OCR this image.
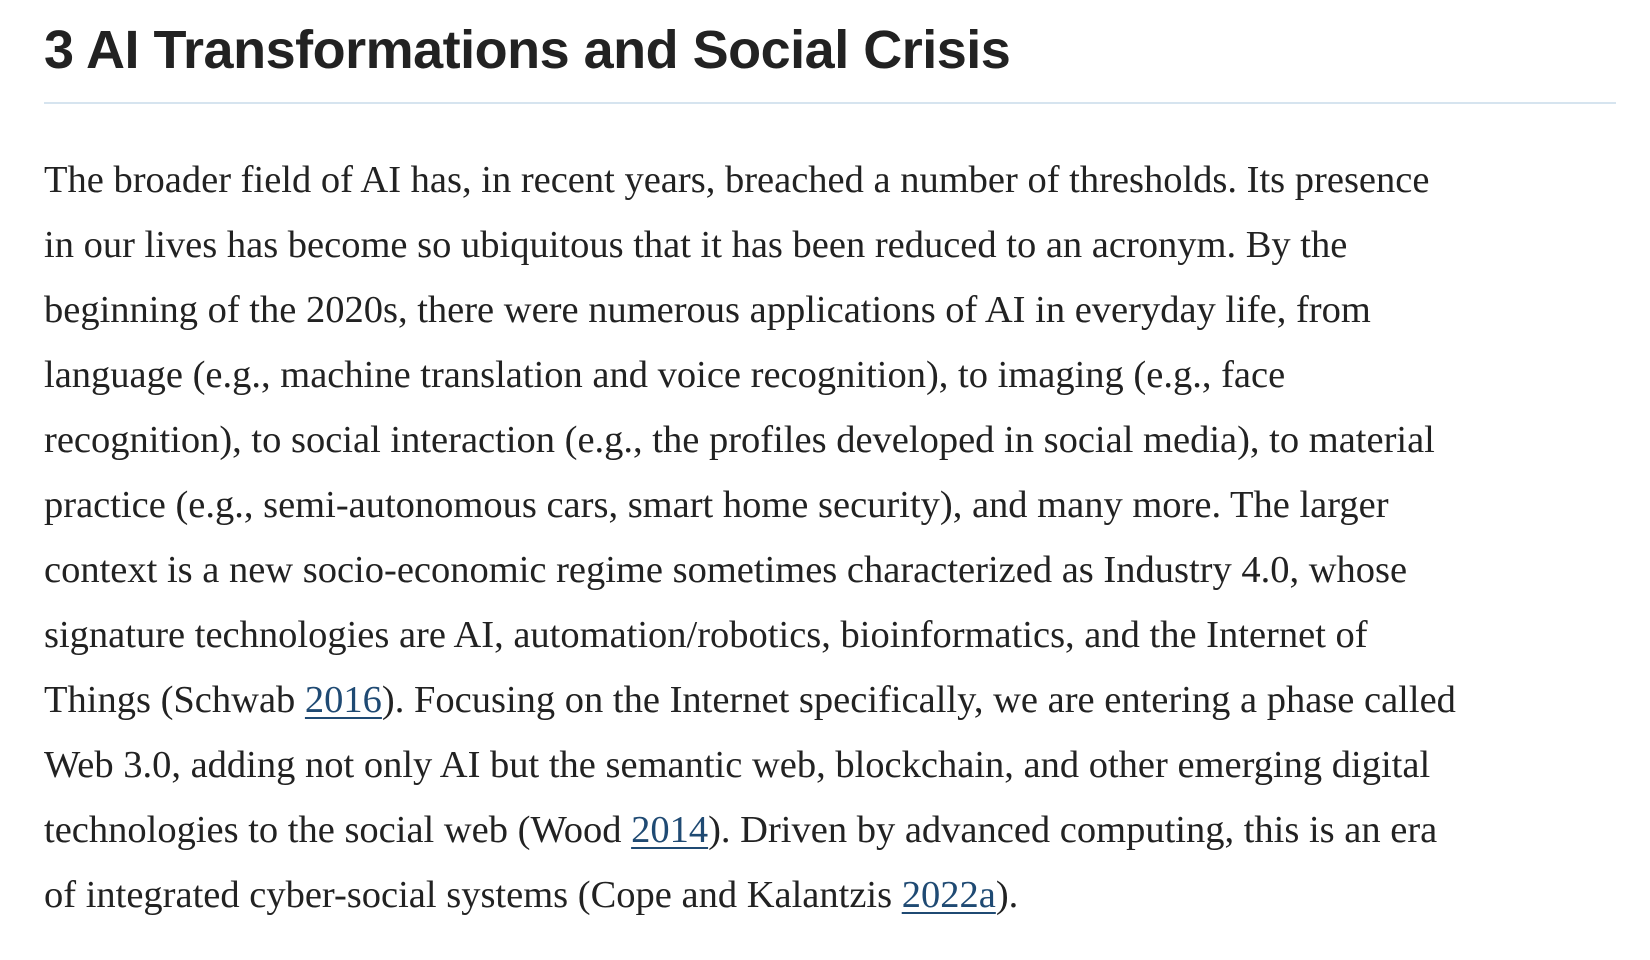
3 AI Transformations and Social Crisis

The broader field of AI has, in recent years, breached a number of thresholds. Its presence
in our lives has become so ubiquitous that it has been reduced to an acronym. By the
beginning of the 2020s, there were numerous applications of AI in everyday life, from
language (e.g., machine translation and voice recognition), to imaging (e.g., face
recognition), to social interaction (e.g., the profiles developed in social media), to material
practice (e.g., semi-autonomous cars, smart home security), and many more. The larger
context is a new socio-economic regime sometimes characterized as Industry 4.0, whose
signature technologies are AI, automation/robotics, bioinformatics, and the Internet of
Things (Schwab 2016). Focusing on the Internet specifically, we are entering a phase called
Web 3.0, adding not only AI but the semantic web, blockchain, and other emerging digital
technologies to the social web (Wood 2014). Driven by advanced computing, this is an era
of integrated cyber-social systems (Cope and Kalantzis 2022a).
